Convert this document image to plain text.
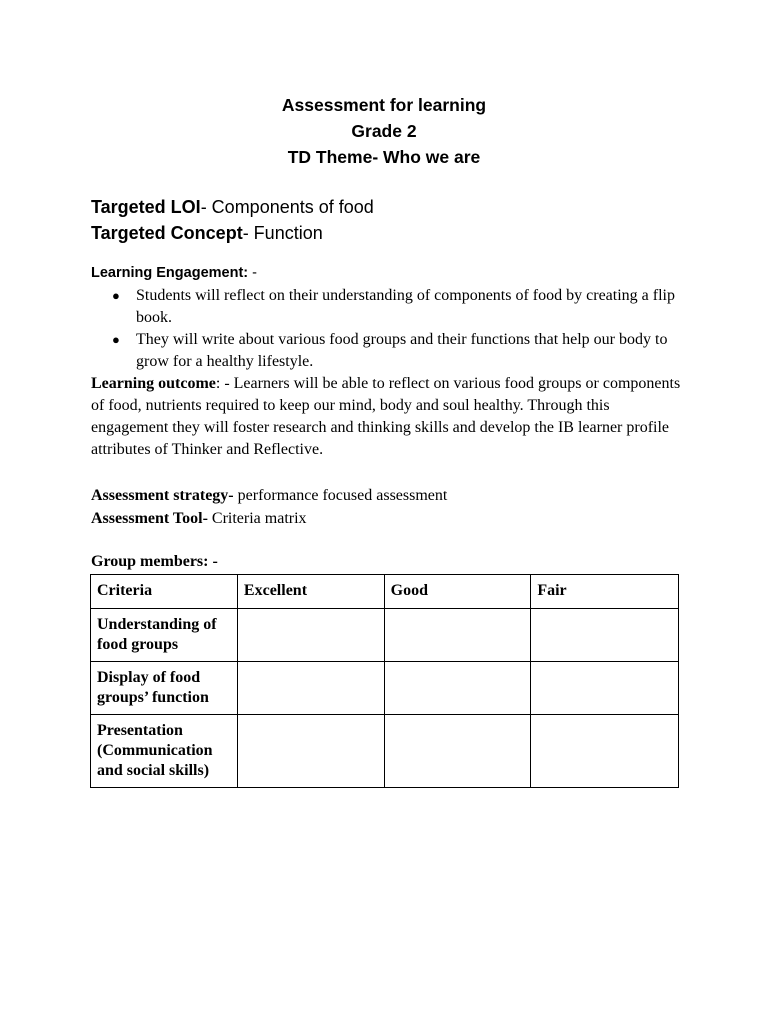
Assessment for learning
Grade 2
TD Theme- Who we are
Targeted LOI- Components of food
Targeted Concept- Function
Learning Engagement: -
● Students will reflect on their understanding of components of food by creating a flip book.
● They will write about various food groups and their functions that help our body to grow for a healthy lifestyle.
Learning outcome: - Learners will be able to reflect on various food groups or components of food, nutrients required to keep our mind, body and soul healthy. Through this engagement they will foster research and thinking skills and develop the IB learner profile attributes of Thinker and Reflective.
Assessment strategy- performance focused assessment
Assessment Tool- Criteria matrix
Group members: -
Criteria	Excellent	Good	Fair
Understanding of food groups			
Display of food groups’ function			
Presentation (Communication and social skills)			
